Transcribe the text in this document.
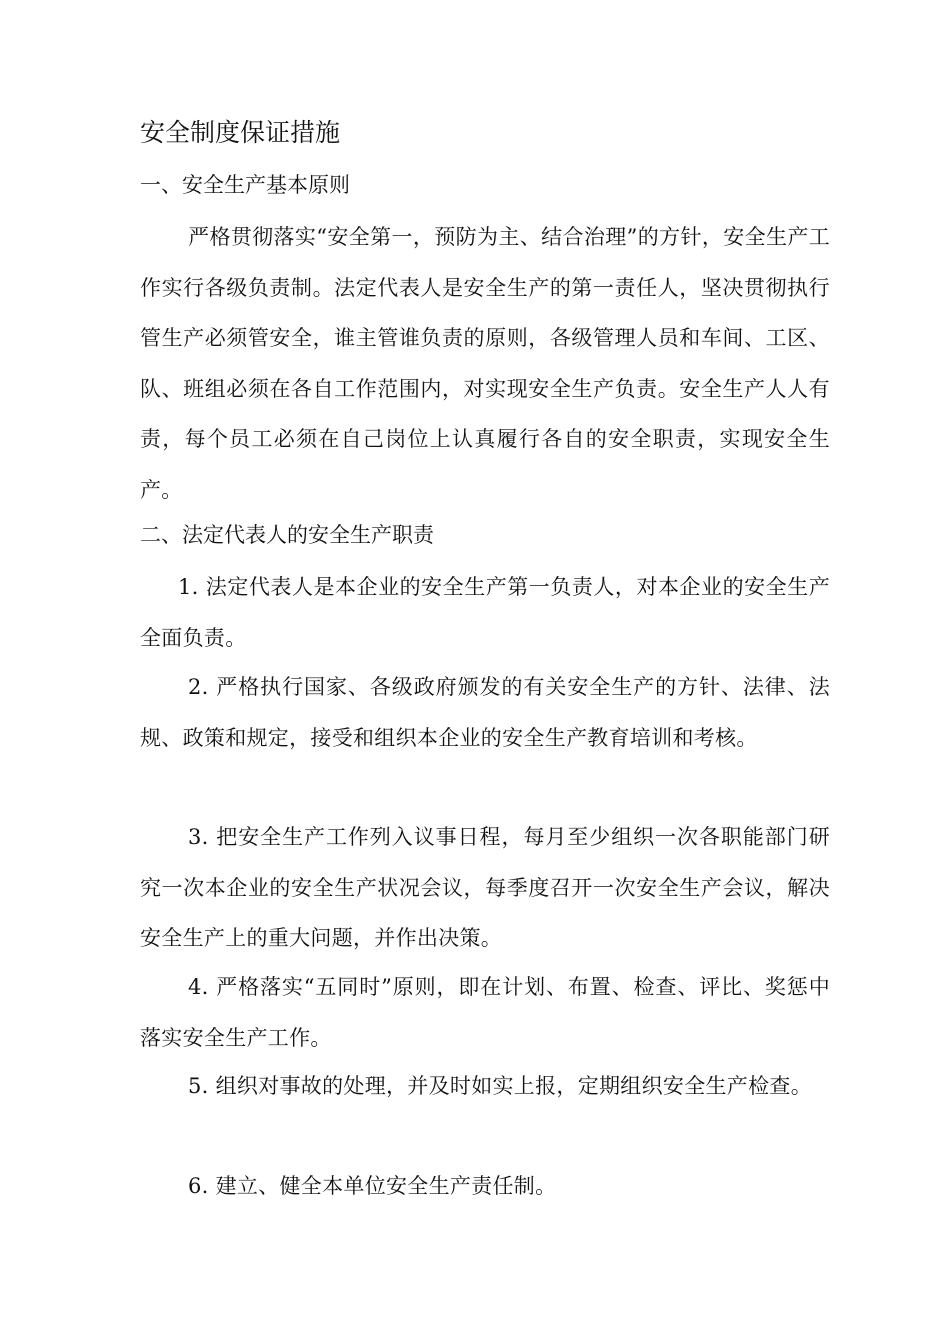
安全制度保证措施
一、安全生产基本原则

严格贯彻落实“安全第一，预防为主、结合治理”的方针，安全生产工作实行各级负责制。法定代表人是安全生产的第一责任人，坚决贯彻执行管生产必须管安全，谁主管谁负责的原则，各级管理人员和车间、工区、队、班组必须在各自工作范围内，对实现安全生产负责。安全生产人人有责，每个员工必须在自己岗位上认真履行各自的安全职责，实现安全生产。

二、法定代表人的安全生产职责

1. 法定代表人是本企业的安全生产第一负责人，对本企业的安全生产全面负责。

2. 严格执行国家、各级政府颁发的有关安全生产的方针、法律、法规、政策和规定，接受和组织本企业的安全生产教育培训和考核。

3. 把安全生产工作列入议事日程，每月至少组织一次各职能部门研究一次本企业的安全生产状况会议，每季度召开一次安全生产会议，解决安全生产上的重大问题，并作出决策。

4. 严格落实“五同时”原则，即在计划、布置、检查、评比、奖惩中落实安全生产工作。

5. 组织对事故的处理，并及时如实上报，定期组织安全生产检查。

6. 建立、健全本单位安全生产责任制。
